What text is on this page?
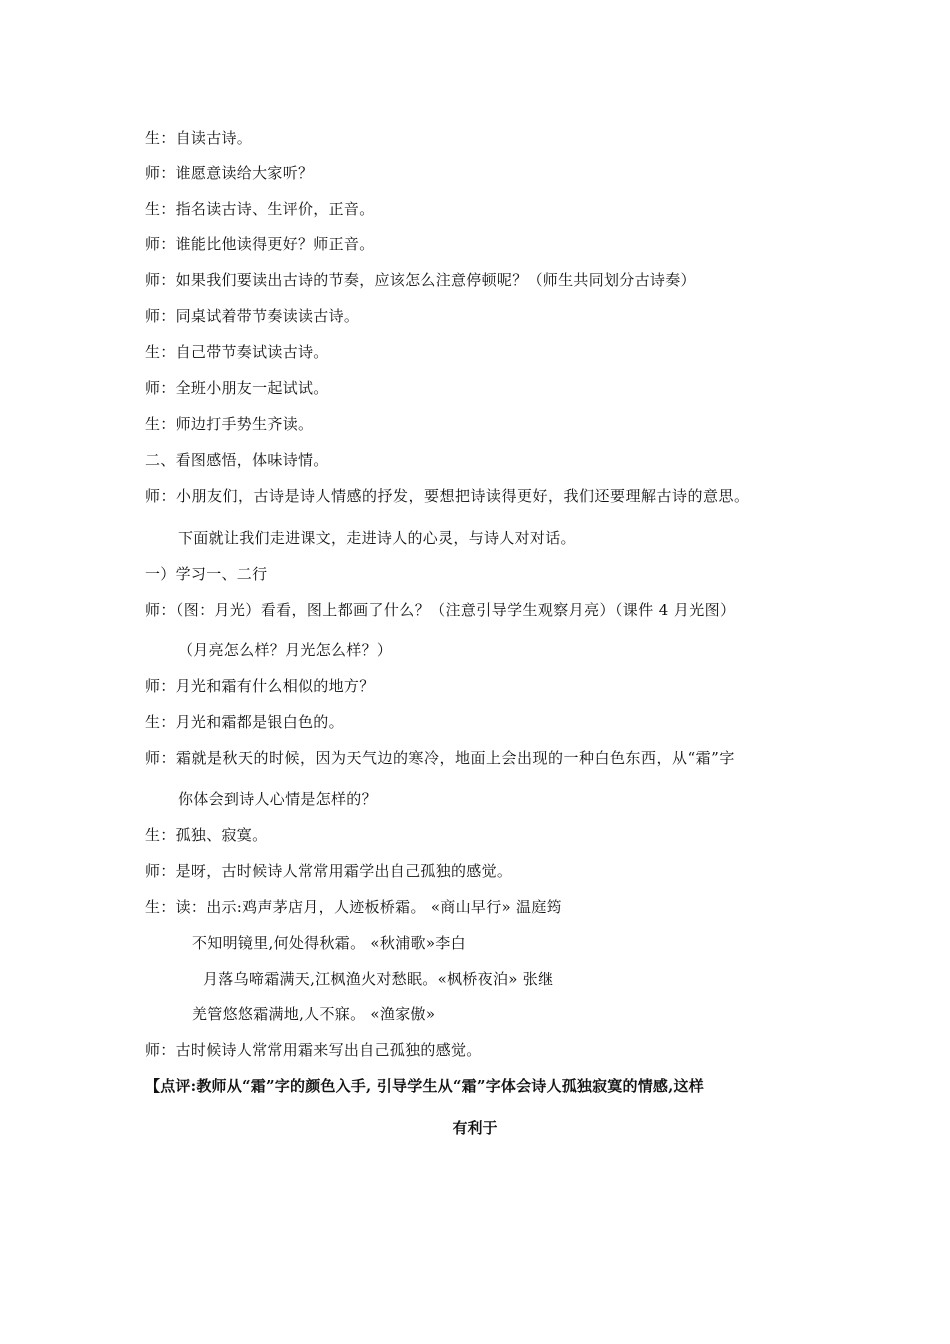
生：自读古诗。
师：谁愿意读给大家听？
生：指名读古诗、生评价，正音。
师：谁能比他读得更好？师正音。
师：如果我们要读出古诗的节奏，应该怎么注意停顿呢？（师生共同划分古诗奏）
师：同桌试着带节奏读读古诗。
生：自己带节奏试读古诗。
师：全班小朋友一起试试。
生：师边打手势生齐读。
二、看图感悟，体味诗情。
师：小朋友们，古诗是诗人情感的抒发，要想把诗读得更好，我们还要理解古诗的意思。
下面就让我们走进课文，走进诗人的心灵，与诗人对对话。
一）学习一、二行
师：（图：月光）看看，图上都画了什么？（注意引导学生观察月亮）（课件 4 月光图）
（月亮怎么样？月光怎么样？）
师：月光和霜有什么相似的地方？
生：月光和霜都是银白色的。
师：霜就是秋天的时候，因为天气边的寒冷，地面上会出现的一种白色东西，从“霜”字
你体会到诗人心情是怎样的？
生：孤独、寂寞。
师：是呀，古时候诗人常常用霜学出自己孤独的感觉。
生：读：出示:鸡声茅店月，人迹板桥霜。 «商山早行» 温庭筠
不知明镜里,何处得秋霜。 «秋浦歌»李白
月落乌啼霜满天,江枫渔火对愁眠。«枫桥夜泊» 张继
羌管悠悠霜满地,人不寐。 «渔家傲»
师：古时候诗人常常用霜来写出自己孤独的感觉。
【点评:教师从“霜”字的颜色入手, 引导学生从“霜”字体会诗人孤独寂寞的情感,这样
有利于
